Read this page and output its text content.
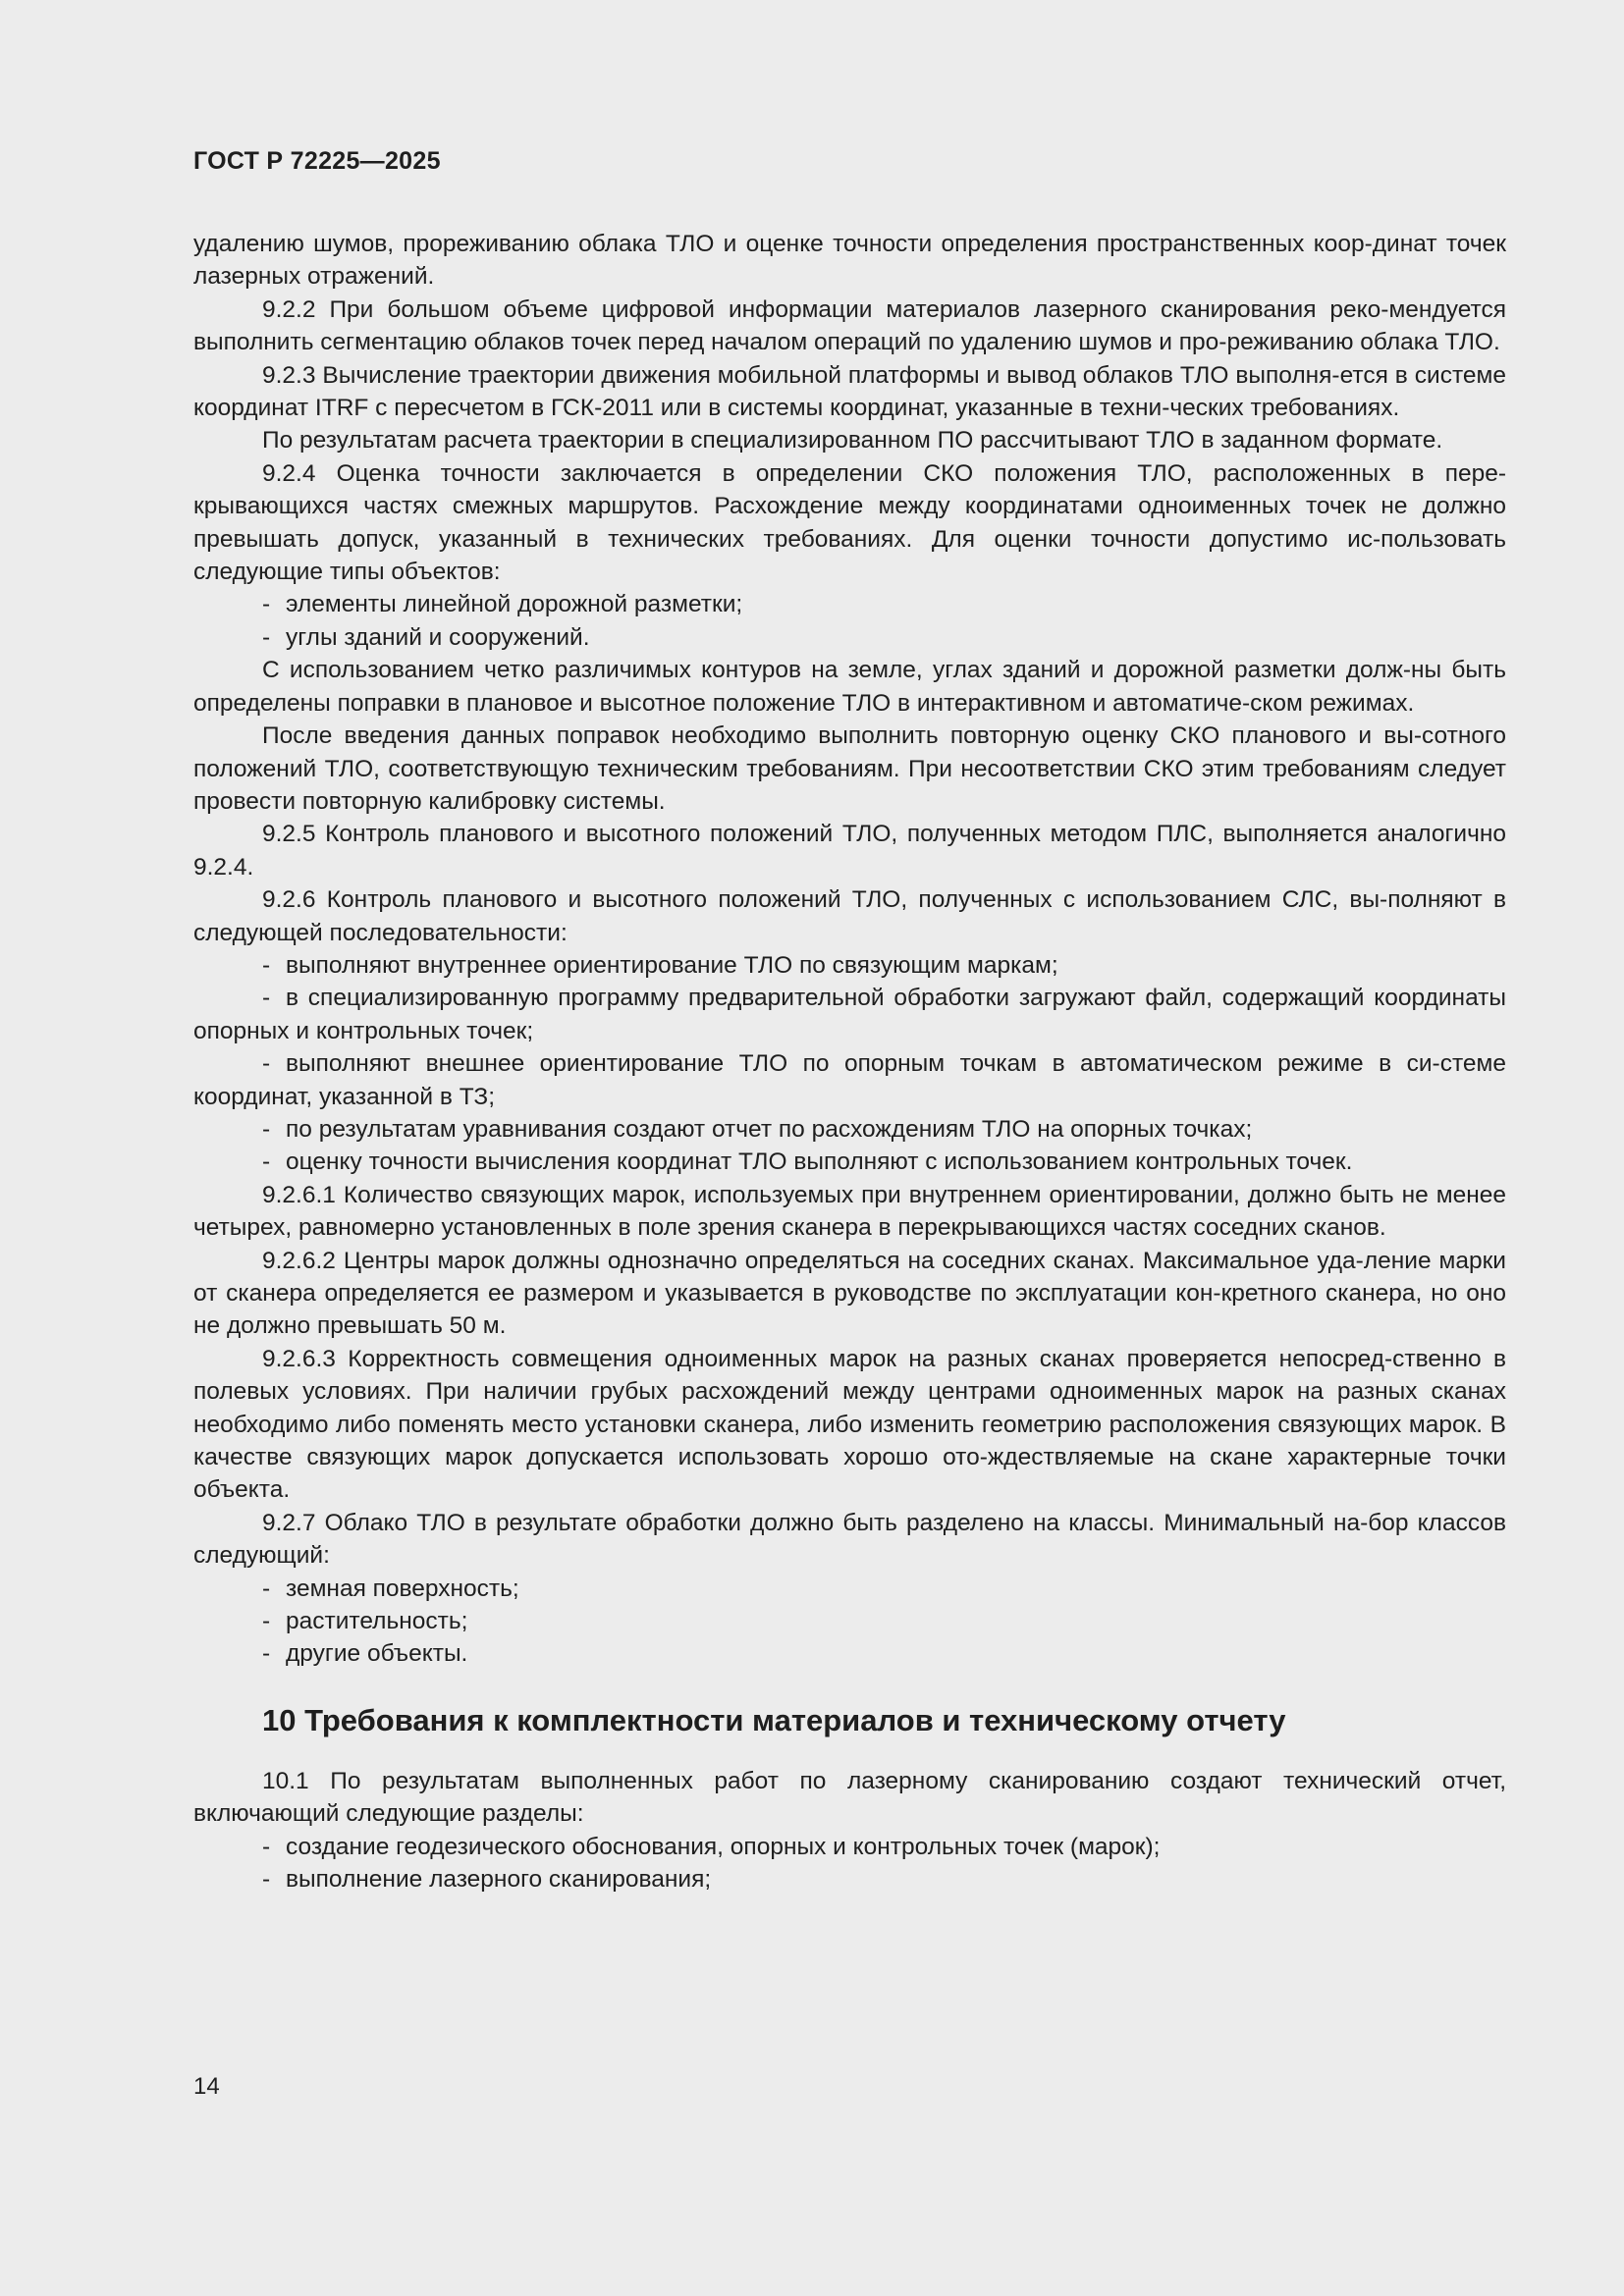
ГОСТ Р 72225—2025

удалению шумов, прореживанию облака ТЛО и оценке точности определения пространственных коор-динат точек лазерных отражений.

9.2.2 При большом объеме цифровой информации материалов лазерного сканирования реко-мендуется выполнить сегментацию облаков точек перед началом операций по удалению шумов и про-реживанию облака ТЛО.

9.2.3 Вычисление траектории движения мобильной платформы и вывод облаков ТЛО выполня-ется в системе координат ITRF с пересчетом в ГСК-2011 или в системы координат, указанные в техни-ческих требованиях.

По результатам расчета траектории в специализированном ПО рассчитывают ТЛО в заданном формате.

9.2.4 Оценка точности заключается в определении СКО положения ТЛО, расположенных в пере-крывающихся частях смежных маршрутов. Расхождение между координатами одноименных точек не должно превышать допуск, указанный в технических требованиях. Для оценки точности допустимо ис-пользовать следующие типы объектов:

- элементы линейной дорожной разметки;

- углы зданий и сооружений.

С использованием четко различимых контуров на земле, углах зданий и дорожной разметки долж-ны быть определены поправки в плановое и высотное положение ТЛО в интерактивном и автоматиче-ском режимах.

После введения данных поправок необходимо выполнить повторную оценку СКО планового и вы-сотного положений ТЛО, соответствующую техническим требованиям. При несоответствии СКО этим требованиям следует провести повторную калибровку системы.

9.2.5 Контроль планового и высотного положений ТЛО, полученных методом ПЛС, выполняется аналогично 9.2.4.

9.2.6 Контроль планового и высотного положений ТЛО, полученных с использованием СЛС, вы-полняют в следующей последовательности:

- выполняют внутреннее ориентирование ТЛО по связующим маркам;

- в специализированную программу предварительной обработки загружают файл, содержащий координаты опорных и контрольных точек;

- выполняют внешнее ориентирование ТЛО по опорным точкам в автоматическом режиме в си-стеме координат, указанной в ТЗ;

- по результатам уравнивания создают отчет по расхождениям ТЛО на опорных точках;

- оценку точности вычисления координат ТЛО выполняют с использованием контрольных точек.

9.2.6.1 Количество связующих марок, используемых при внутреннем ориентировании, должно быть не менее четырех, равномерно установленных в поле зрения сканера в перекрывающихся частях соседних сканов.

9.2.6.2 Центры марок должны однозначно определяться на соседних сканах. Максимальное уда-ление марки от сканера определяется ее размером и указывается в руководстве по эксплуатации кон-кретного сканера, но оно не должно превышать 50 м.

9.2.6.3 Корректность совмещения одноименных марок на разных сканах проверяется непосред-ственно в полевых условиях. При наличии грубых расхождений между центрами одноименных марок на разных сканах необходимо либо поменять место установки сканера, либо изменить геометрию расположения связующих марок. В качестве связующих марок допускается использовать хорошо ото-ждествляемые на скане характерные точки объекта.

9.2.7 Облако ТЛО в результате обработки должно быть разделено на классы. Минимальный на-бор классов следующий:

- земная поверхность;

- растительность;

- другие объекты.

10 Требования к комплектности материалов и техническому отчету

10.1 По результатам выполненных работ по лазерному сканированию создают технический отчет, включающий следующие разделы:

- создание геодезического обоснования, опорных и контрольных точек (марок);

- выполнение лазерного сканирования;

14
